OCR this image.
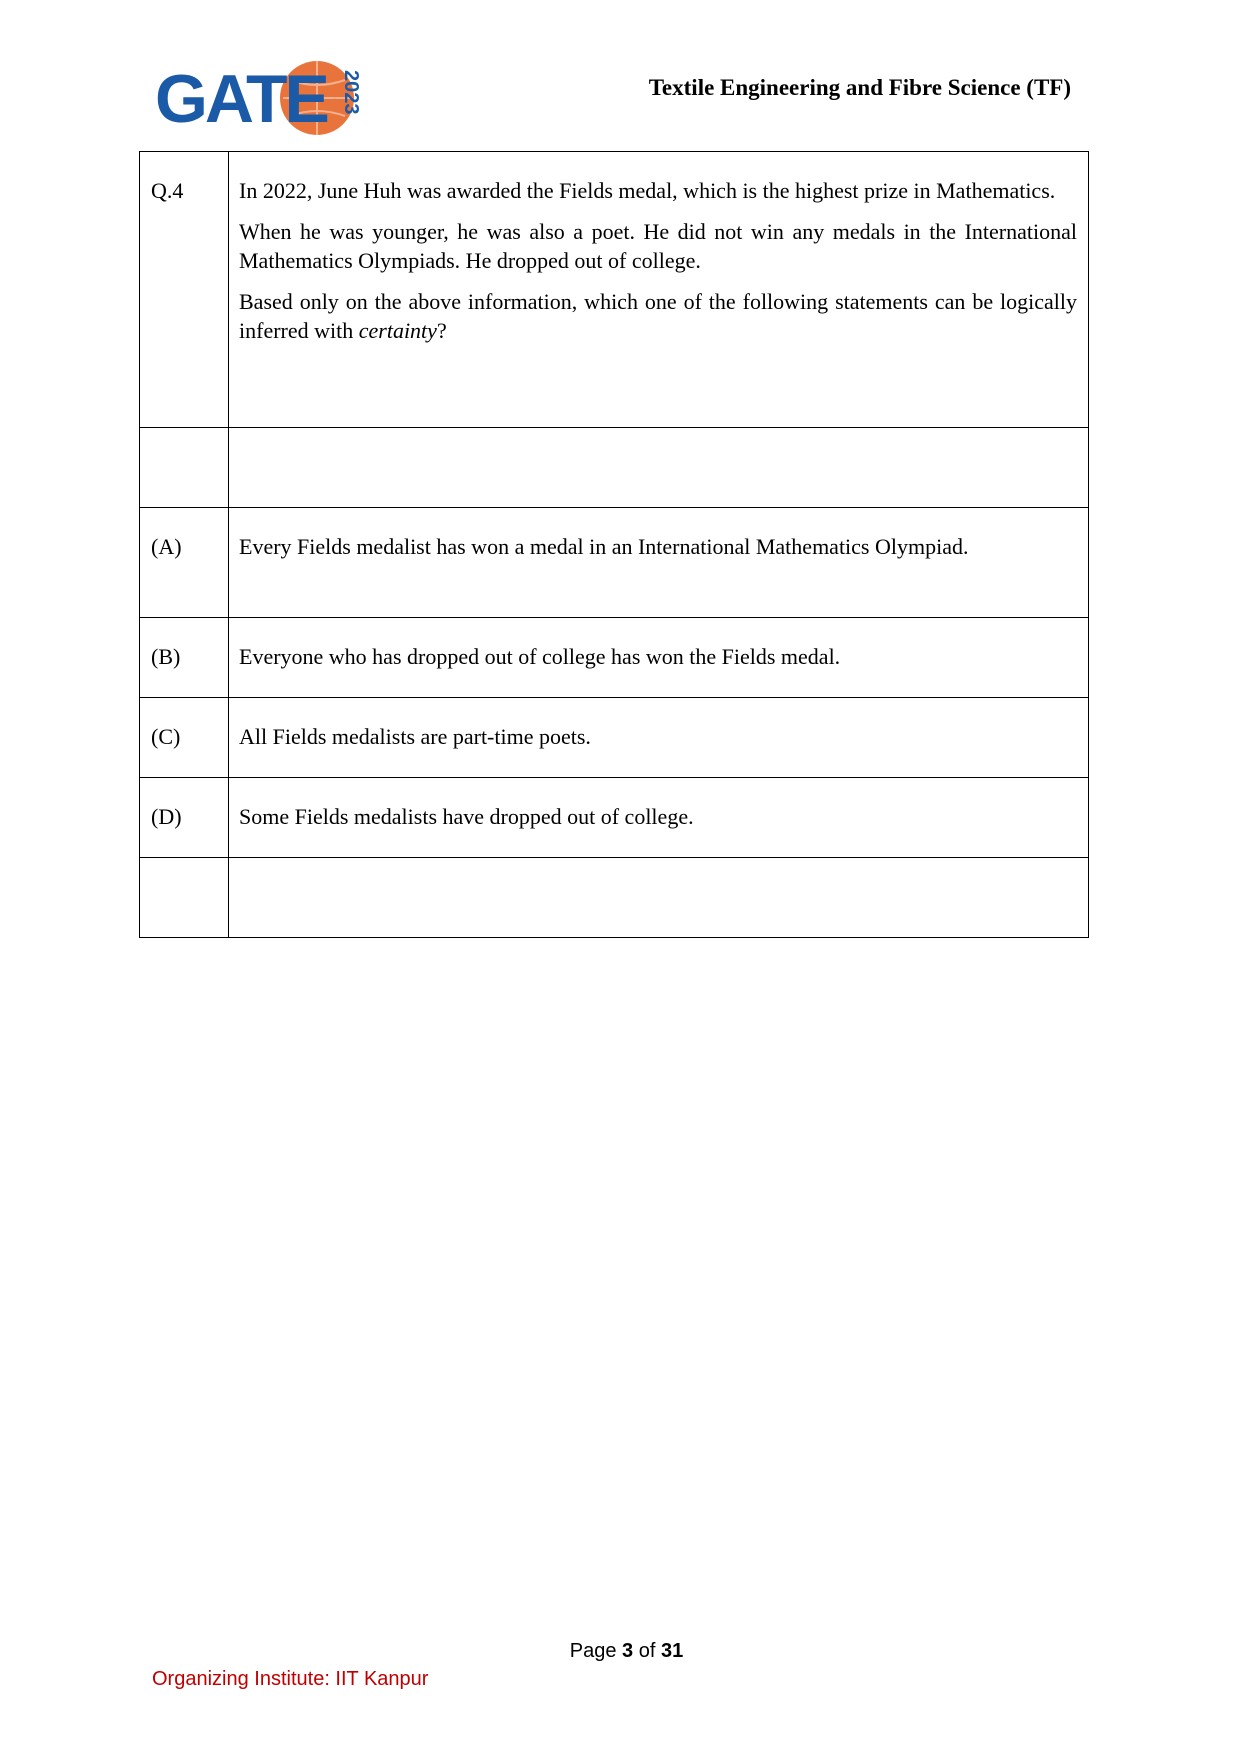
GATE 2023	Textile Engineering and Fibre Science (TF)
Q.4	In 2022, June Huh was awarded the Fields medal, which is the highest prize in Mathematics.

When he was younger, he was also a poet. He did not win any medals in the International Mathematics Olympiads. He dropped out of college.

Based only on the above information, which one of the following statements can be logically inferred with certainty?

(A)	Every Fields medalist has won a medal in an International Mathematics Olympiad.
(B)	Everyone who has dropped out of college has won the Fields medal.
(C)	All Fields medalists are part-time poets.
(D)	Some Fields medalists have dropped out of college.

Page 3 of 31
Organizing Institute: IIT Kanpur
